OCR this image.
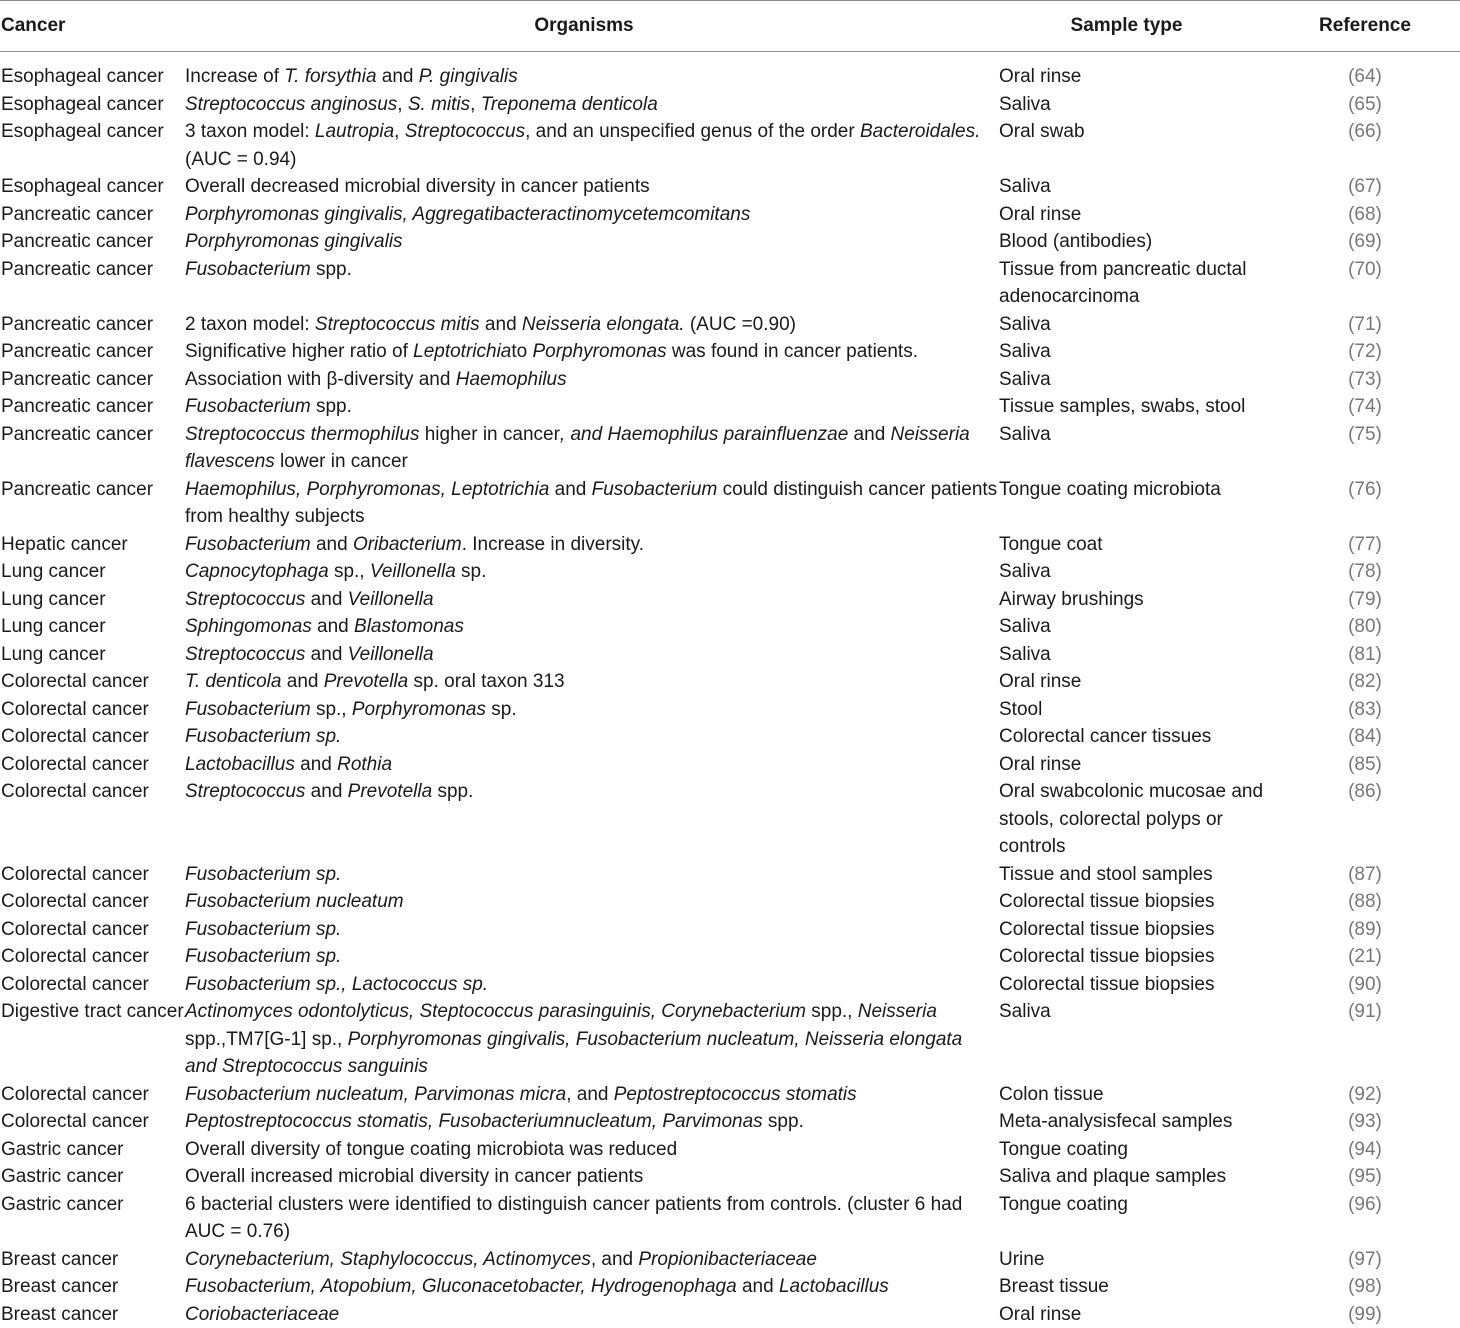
Cancer	Organisms	Sample type	Reference
Esophageal cancer	Increase of T. forsythia and P. gingivalis	Oral rinse	(64)
Esophageal cancer	Streptococcus anginosus, S. mitis, Treponema denticola	Saliva	(65)
Esophageal cancer	3 taxon model: Lautropia, Streptococcus, and an unspecified genus of the order Bacteroidales. (AUC = 0.94)	Oral swab	(66)
Esophageal cancer	Overall decreased microbial diversity in cancer patients	Saliva	(67)
Pancreatic cancer	Porphyromonas gingivalis, Aggregatibacteractinomycetemcomitans	Oral rinse	(68)
Pancreatic cancer	Porphyromonas gingivalis	Blood (antibodies)	(69)
Pancreatic cancer	Fusobacterium spp.	Tissue from pancreatic ductal adenocarcinoma	(70)
Pancreatic cancer	2 taxon model: Streptococcus mitis and Neisseria elongata. (AUC =0.90)	Saliva	(71)
Pancreatic cancer	Significative higher ratio of Leptotrichiato Porphyromonas was found in cancer patients.	Saliva	(72)
Pancreatic cancer	Association with β-diversity and Haemophilus	Saliva	(73)
Pancreatic cancer	Fusobacterium spp.	Tissue samples, swabs, stool	(74)
Pancreatic cancer	Streptococcus thermophilus higher in cancer, and Haemophilus parainfluenzae and Neisseria flavescens lower in cancer	Saliva	(75)
Pancreatic cancer	Haemophilus, Porphyromonas, Leptotrichia and Fusobacterium could distinguish cancer patients from healthy subjects	Tongue coating microbiota	(76)
Hepatic cancer	Fusobacterium and Oribacterium. Increase in diversity.	Tongue coat	(77)
Lung cancer	Capnocytophaga sp., Veillonella sp.	Saliva	(78)
Lung cancer	Streptococcus and Veillonella	Airway brushings	(79)
Lung cancer	Sphingomonas and Blastomonas	Saliva	(80)
Lung cancer	Streptococcus and Veillonella	Saliva	(81)
Colorectal cancer	T. denticola and Prevotella sp. oral taxon 313	Oral rinse	(82)
Colorectal cancer	Fusobacterium sp., Porphyromonas sp.	Stool	(83)
Colorectal cancer	Fusobacterium sp.	Colorectal cancer tissues	(84)
Colorectal cancer	Lactobacillus and Rothia	Oral rinse	(85)
Colorectal cancer	Streptococcus and Prevotella spp.	Oral swabcolonic mucosae and stools, colorectal polyps or controls	(86)
Colorectal cancer	Fusobacterium sp.	Tissue and stool samples	(87)
Colorectal cancer	Fusobacterium nucleatum	Colorectal tissue biopsies	(88)
Colorectal cancer	Fusobacterium sp.	Colorectal tissue biopsies	(89)
Colorectal cancer	Fusobacterium sp.	Colorectal tissue biopsies	(21)
Colorectal cancer	Fusobacterium sp., Lactococcus sp.	Colorectal tissue biopsies	(90)
Digestive tract cancer	Actinomyces odontolyticus, Steptococcus parasinguinis, Corynebacterium spp., Neisseria spp.,TM7[G-1] sp., Porphyromonas gingivalis, Fusobacterium nucleatum, Neisseria elongata and Streptococcus sanguinis	Saliva	(91)
Colorectal cancer	Fusobacterium nucleatum, Parvimonas micra, and Peptostreptococcus stomatis	Colon tissue	(92)
Colorectal cancer	Peptostreptococcus stomatis, Fusobacteriumnucleatum, Parvimonas spp.	Meta-analysisfecal samples	(93)
Gastric cancer	Overall diversity of tongue coating microbiota was reduced	Tongue coating	(94)
Gastric cancer	Overall increased microbial diversity in cancer patients	Saliva and plaque samples	(95)
Gastric cancer	6 bacterial clusters were identified to distinguish cancer patients from controls. (cluster 6 had AUC = 0.76)	Tongue coating	(96)
Breast cancer	Corynebacterium, Staphylococcus, Actinomyces, and Propionibacteriaceae	Urine	(97)
Breast cancer	Fusobacterium, Atopobium, Gluconacetobacter, Hydrogenophaga and Lactobacillus	Breast tissue	(98)
Breast cancer	Coriobacteriaceae	Oral rinse	(99)
